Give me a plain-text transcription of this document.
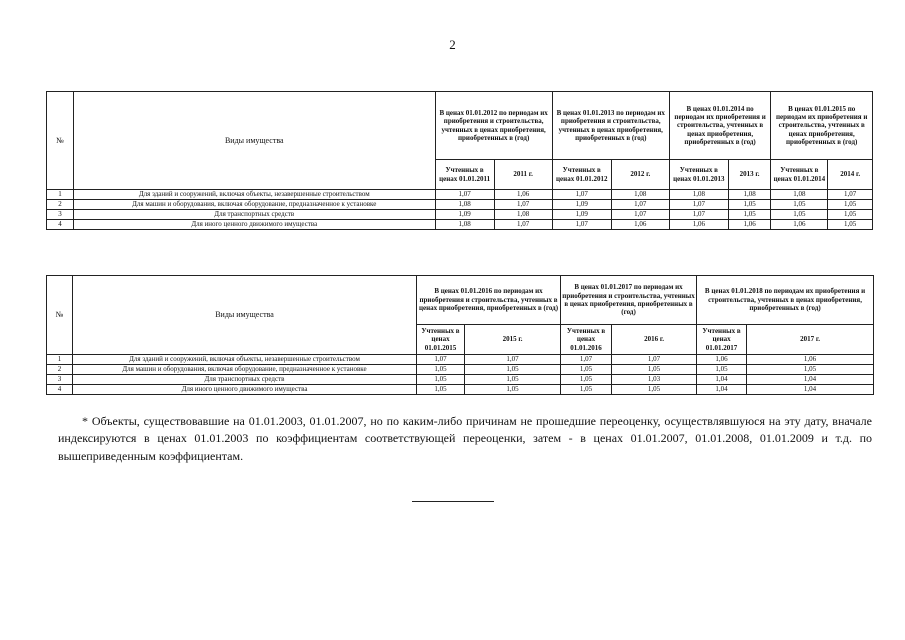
2
№	Виды имущества	В ценах 01.01.2012 по периодам их приобретения и строительства, учтенных в ценах приобретения, приобретенных в (год)		В ценах 01.01.2013 по периодам их приобретения и строительства, учтенных в ценах приобретения, приобретенных в (год)		В ценах 01.01.2014 по периодам их приобретения и строительства, учтенных в ценах приобретения, приобретенных в (год)		В ценах 01.01.2015 по периодам их приобретения и строительства, учтенных в ценах приобретения, приобретенных в (год)	
		Учтенных в ценах 01.01.2011	2011 г.	Учтенных в ценах 01.01.2012	2012 г.	Учтенных в ценах 01.01.2013	2013 г.	Учтенных в ценах 01.01.2014	2014 г.
1	Для зданий и сооружений, включая объекты, незавершенные строительством	1,07	1,06	1,07	1,08	1,08	1,08	1,08	1,07
2	Для машин и оборудования, включая оборудование, предназначенное к установке	1,08	1,07	1,09	1,07	1,07	1,05	1,05	1,05
3	Для транспортных средств	1,09	1,08	1,09	1,07	1,07	1,05	1,05	1,05
4	Для иного ценного движимого имущества	1,08	1,07	1,07	1,06	1,06	1,06	1,06	1,05
№	Виды имущества	В ценах 01.01.2016 по периодам их приобретения и строительства, учтенных в ценах приобретения, приобретенных в (год)		В ценах 01.01.2017 по периодам их приобретения и строительства, учтенных в ценах приобретения, приобретенных в (год)		В ценах 01.01.2018 по периодам их приобретения и строительства, учтенных в ценах приобретения, приобретенных в (год)	
		Учтенных в ценах 01.01.2015	2015 г.	Учтенных в ценах 01.01.2016	2016 г.	Учтенных в ценах 01.01.2017	2017 г.
1	Для зданий и сооружений, включая объекты, незавершенные строительством	1,07	1,07	1,07	1,07	1,06	1,06
2	Для машин и оборудования, включая оборудование, предназначенное к установке	1,05	1,05	1,05	1,05	1,05	1,05
3	Для транспортных средств	1,05	1,05	1,05	1,03	1,04	1,04
4	Для иного ценного движимого имущества	1,05	1,05	1,05	1,05	1,04	1,04
* Объекты, существовавшие на 01.01.2003, 01.01.2007, но по каким-либо причинам не прошедшие переоценку, осуществлявшуюся на эту дату, вначале индексируются в ценах 01.01.2003 по коэффициентам соответствующей переоценки, затем - в ценах 01.01.2007, 01.01.2008, 01.01.2009 и т.д. по вышеприведенным коэффициентам.
